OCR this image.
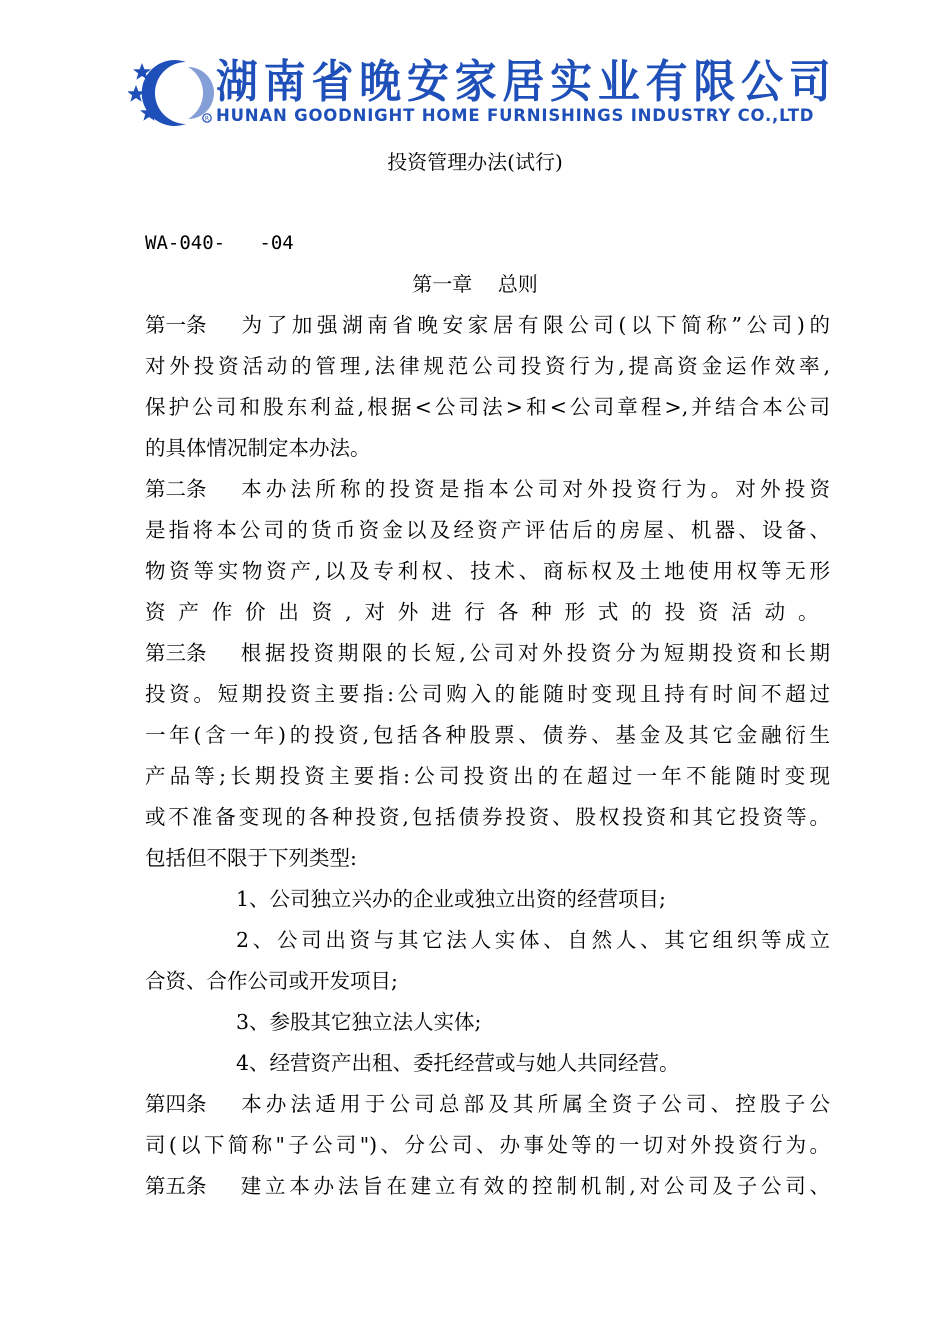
R
湖南省晚安家居实业有限公司
HUNAN GOODNIGHT HOME FURNISHINGS INDUSTRY CO.,LTD
投资管理办法(试行)
WA-040-   -04
第一章    总则
第一条 为了加强湖南省晚安家居有限公司(以下简称”公司)的
对外投资活动的管理,法律规范公司投资行为,提高资金运作效率,
保护公司和股东利益,根据<公司法>和<公司章程>,并结合本公司
的具体情况制定本办法。
第二条 本办法所称的投资是指本公司对外投资行为。对外投资
是指将本公司的货币资金以及经资产评估后的房屋、机器、设备、
物资等实物资产,以及专利权、技术、商标权及土地使用权等无形
资产作价出资,对外进行各种形式的投资活动。
第三条 根据投资期限的长短,公司对外投资分为短期投资和长期
投资。短期投资主要指:公司购入的能随时变现且持有时间不超过
一年(含一年)的投资,包括各种股票、债券、基金及其它金融衍生
产品等;长期投资主要指:公司投资出的在超过一年不能随时变现
或不准备变现的各种投资,包括债券投资、股权投资和其它投资等。
包括但不限于下列类型:
1、公司独立兴办的企业或独立出资的经营项目;
2、公司出资与其它法人实体、自然人、其它组织等成立
合资、合作公司或开发项目;
3、参股其它独立法人实体;
4、经营资产出租、委托经营或与她人共同经营。
第四条 本办法适用于公司总部及其所属全资子公司、控股子公
司(以下简称"子公司")、分公司、办事处等的一切对外投资行为。
第五条 建立本办法旨在建立有效的控制机制,对公司及子公司、
